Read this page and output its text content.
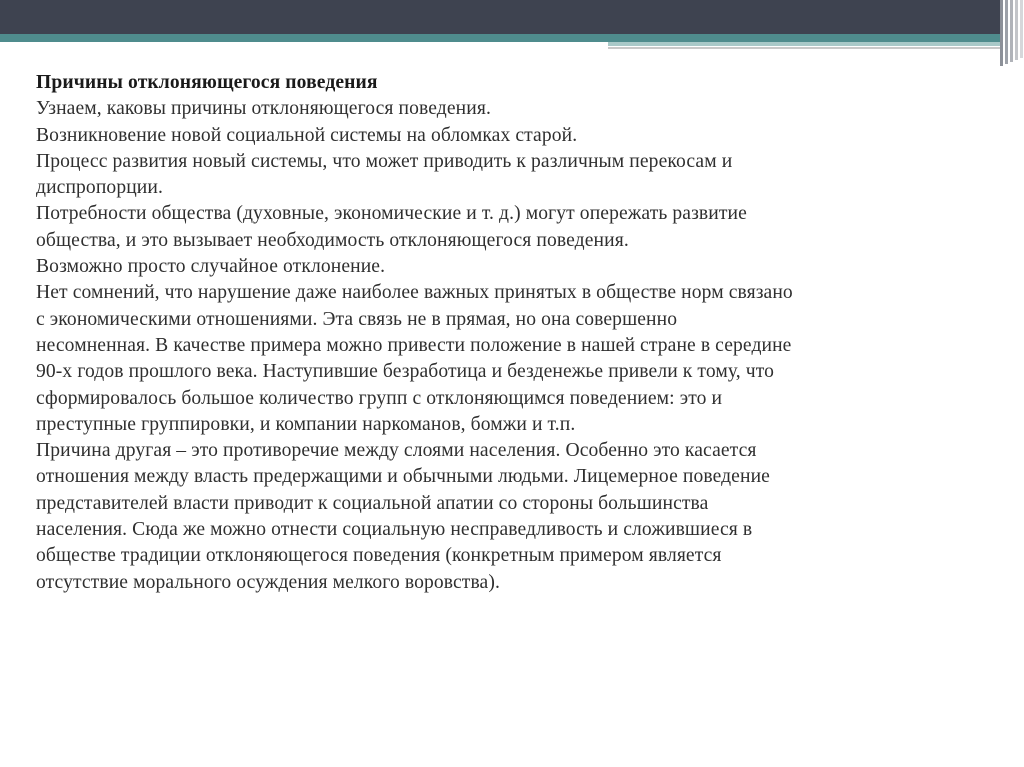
Причины отклоняющегося поведения

Узнаем, каковы причины отклоняющегося поведения.

Возникновение новой социальной системы на обломках старой.

Процесс развития новый системы, что может приводить к различным перекосам и

диспропорции.

Потребности общества (духовные, экономические и т. д.) могут опережать развитие

общества, и это вызывает необходимость отклоняющегося поведения.

Возможно просто случайное отклонение.

Нет сомнений, что нарушение даже наиболее важных принятых в обществе норм связано

с экономическими отношениями. Эта связь не в прямая, но она совершенно

несомненная. В качестве примера можно привести положение в нашей стране в середине

90-х годов прошлого века. Наступившие безработица и безденежье привели к тому, что

сформировалось большое количество групп с отклоняющимся поведением: это и

преступные группировки, и компании наркоманов, бомжи и т.п.

Причина другая – это противоречие между слоями населения. Особенно это касается

отношения между власть предержащими и обычными людьми. Лицемерное поведение

представителей власти приводит к социальной апатии со стороны большинства

населения. Сюда же можно отнести социальную несправедливость и сложившиеся в

обществе традиции отклоняющегося поведения (конкретным примером является

отсутствие морального осуждения мелкого воровства).
